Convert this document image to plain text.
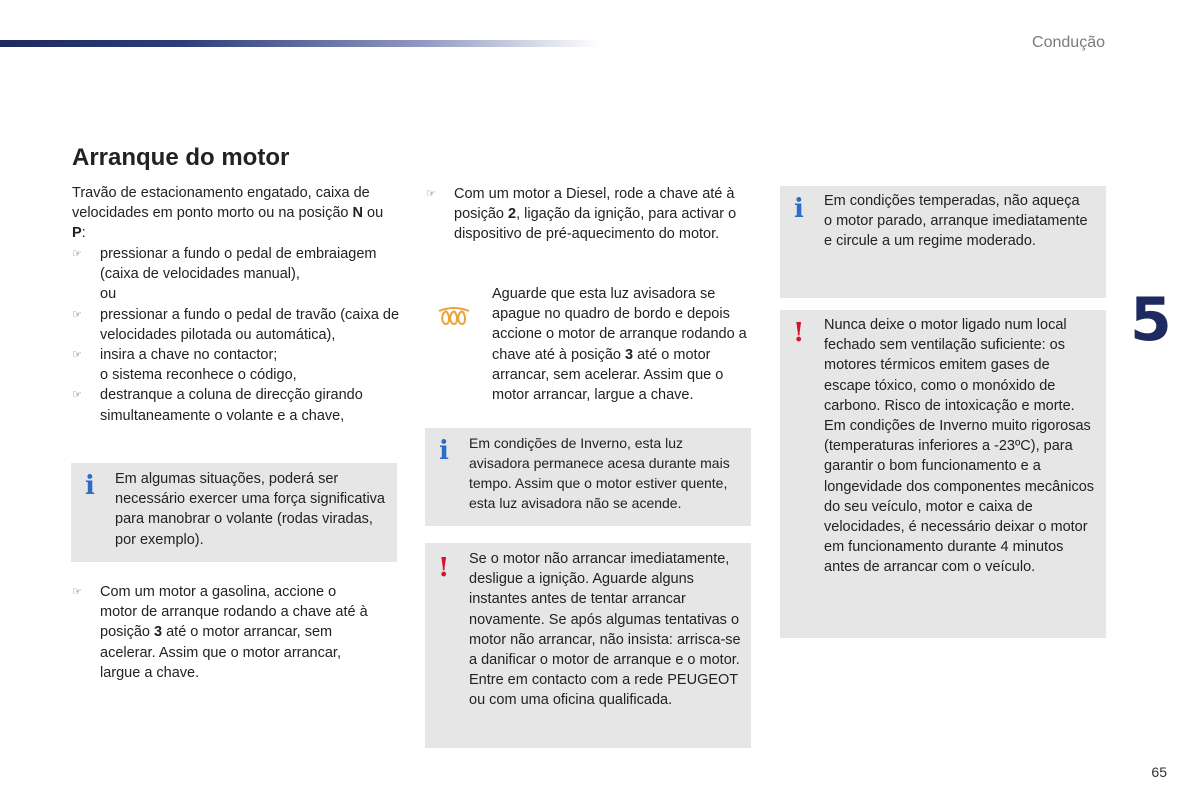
Condução
5
65
Arranque do motor
Travão de estacionamento engatado, caixa de velocidades em ponto morto ou na posição N ou P:
☞ pressionar a fundo o pedal de embraiagem (caixa de velocidades manual),
ou
☞ pressionar a fundo o pedal de travão (caixa de velocidades pilotada ou automática),
☞ insira a chave no contactor;
o sistema reconhece o código,
☞ destranque a coluna de direcção girando simultaneamente o volante e a chave,
i Em algumas situações, poderá ser necessário exercer uma força significativa para manobrar o volante (rodas viradas, por exemplo).
☞ Com um motor a gasolina, accione o motor de arranque rodando a chave até à posição 3 até o motor arrancar, sem acelerar. Assim que o motor arrancar, largue a chave.
☞ Com um motor a Diesel, rode a chave até à posição 2, ligação da ignição, para activar o dispositivo de pré-aquecimento do motor.
Aguarde que esta luz avisadora se apague no quadro de bordo e depois accione o motor de arranque rodando a chave até à posição 3 até o motor arrancar, sem acelerar. Assim que o motor arrancar, largue a chave.
i Em condições de Inverno, esta luz avisadora permanece acesa durante mais tempo. Assim que o motor estiver quente, esta luz avisadora não se acende.
! Se o motor não arrancar imediatamente, desligue a ignição. Aguarde alguns instantes antes de tentar arrancar novamente. Se após algumas tentativas o motor não arrancar, não insista: arrisca-se a danificar o motor de arranque e o motor. Entre em contacto com a rede PEUGEOT ou com uma oficina qualificada.
i Em condições temperadas, não aqueça o motor parado, arranque imediatamente e circule a um regime moderado.
! Nunca deixe o motor ligado num local fechado sem ventilação suficiente: os motores térmicos emitem gases de escape tóxico, como o monóxido de carbono. Risco de intoxicação e morte. Em condições de Inverno muito rigorosas (temperaturas inferiores a -23ºC), para garantir o bom funcionamento e a longevidade dos componentes mecânicos do seu veículo, motor e caixa de velocidades, é necessário deixar o motor em funcionamento durante 4 minutos antes de arrancar com o veículo.
